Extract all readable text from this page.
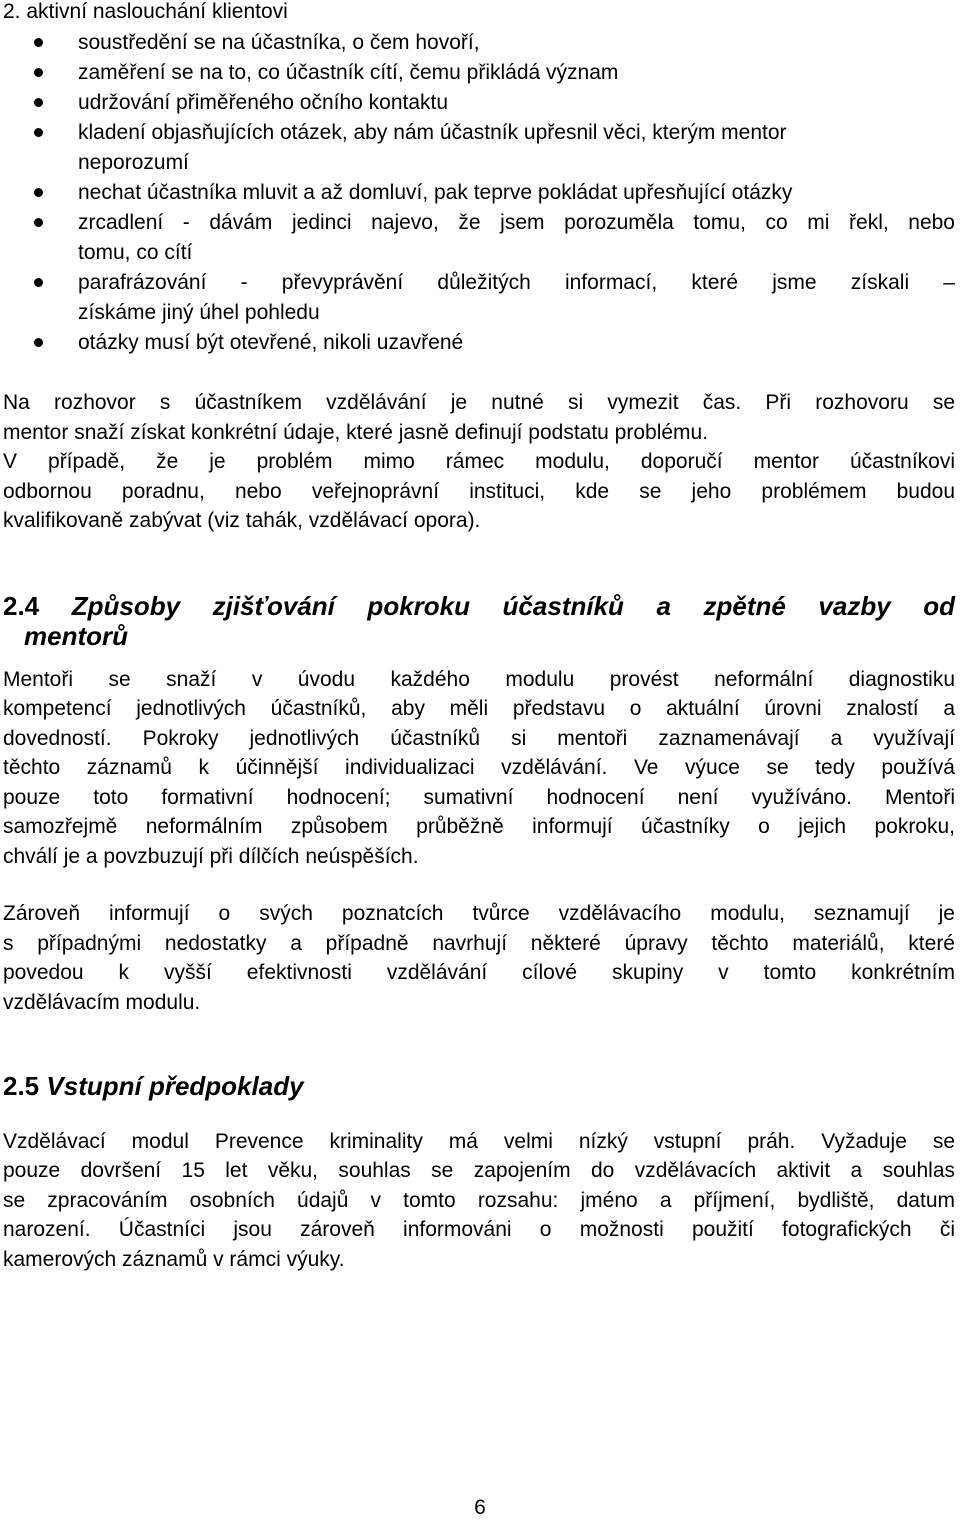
2. aktivní naslouchání klientovi
soustředění se na účastníka, o čem hovoří,
zaměření se na to, co účastník cítí, čemu přikládá význam
udržování přiměřeného očního kontaktu
kladení objasňujících otázek, aby nám účastník upřesnil věci, kterým mentor
neporozumí
nechat účastníka mluvit a až domluví, pak teprve pokládat upřesňující otázky
zrcadlení - dávám jedinci najevo, že jsem porozuměla tomu, co mi řekl, nebo
tomu, co cítí
parafrázování - převyprávění důležitých informací, které jsme získali –
získáme jiný úhel pohledu
otázky musí být otevřené, nikoli uzavřené
Na rozhovor s účastníkem vzdělávání je nutné si vymezit čas. Při rozhovoru se
mentor snaží získat konkrétní údaje, které jasně definují podstatu problému.
V případě, že je problém mimo rámec modulu, doporučí mentor účastníkovi
odbornou poradnu, nebo veřejnoprávní instituci, kde se jeho problémem budou
kvalifikovaně zabývat (viz tahák, vzdělávací opora).
2.4 Způsoby zjišťování pokroku účastníků a zpětné vazby od
mentorů
Mentoři se snaží v úvodu každého modulu provést neformální diagnostiku
kompetencí jednotlivých účastníků, aby měli představu o aktuální úrovni znalostí a
dovedností. Pokroky jednotlivých účastníků si mentoři zaznamenávají a využívají
těchto záznamů k účinnější individualizaci vzdělávání. Ve výuce se tedy používá
pouze toto formativní hodnocení; sumativní hodnocení není využíváno. Mentoři
samozřejmě neformálním způsobem průběžně informují účastníky o jejich pokroku,
chválí je a povzbuzují při dílčích neúspěších.
Zároveň informují o svých poznatcích tvůrce vzdělávacího modulu, seznamují je
s případnými nedostatky a případně navrhují některé úpravy těchto materiálů, které
povedou k vyšší efektivnosti vzdělávání cílové skupiny v tomto konkrétním
vzdělávacím modulu.
2.5 Vstupní předpoklady
Vzdělávací modul Prevence kriminality má velmi nízký vstupní práh. Vyžaduje se
pouze dovršení 15 let věku, souhlas se zapojením do vzdělávacích aktivit a souhlas
se zpracováním osobních údajů v tomto rozsahu: jméno a příjmení, bydliště, datum
narození. Účastníci jsou zároveň informováni o možnosti použití fotografických či
kamerových záznamů v rámci výuky.
6
